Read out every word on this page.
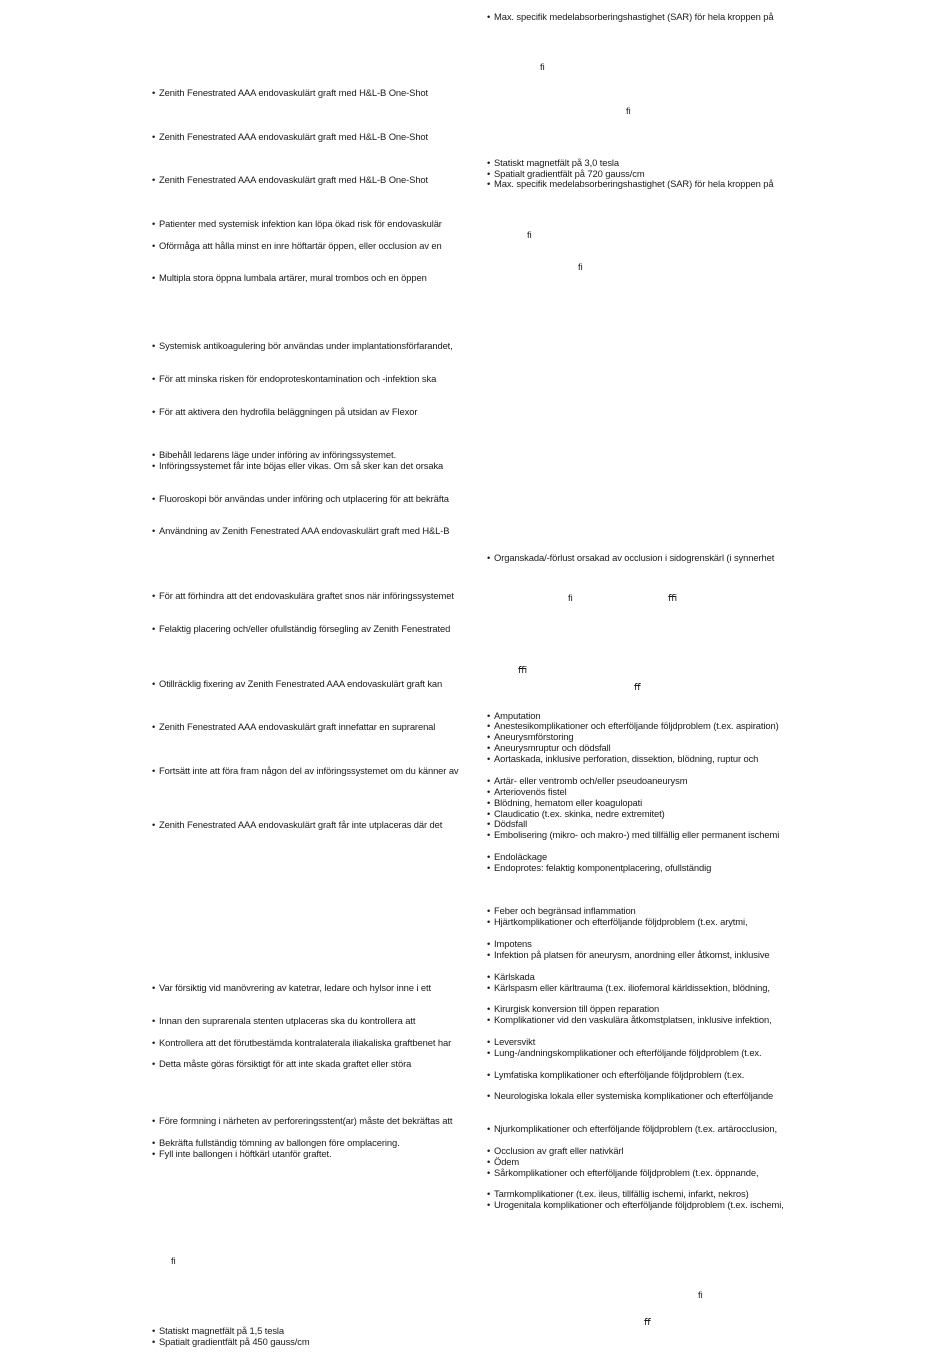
• Zenith Fenestrated AAA endovaskulärt graft med H&L-B One-Shot
• Zenith Fenestrated AAA endovaskulärt graft med H&L-B One-Shot
• Zenith Fenestrated AAA endovaskulärt graft med H&L-B One-Shot
• Patienter med systemisk infektion kan löpa ökad risk för endovaskulär
• Oförmåga att hålla minst en inre höftartär öppen, eller occlusion av en
• Multipla stora öppna lumbala artärer, mural trombos och en öppen
• Systemisk antikoagulering bör användas under implantationsförfarandet,
• För att minska risken för endoproteskontamination och -infektion ska
• För att aktivera den hydrofila beläggningen på utsidan av Flexor
• Bibehåll ledarens läge under införing av införingssystemet.
• Införingssystemet får inte böjas eller vikas. Om så sker kan det orsaka
• Fluoroskopi bör användas under införing och utplacering för att bekräfta
• Användning av Zenith Fenestrated AAA endovaskulärt graft med H&L-B
• För att förhindra att det endovaskulära graftet snos när införingssystemet
• Felaktig placering och/eller ofullständig försegling av Zenith Fenestrated
• Otillräcklig fixering av Zenith Fenestrated AAA endovaskulärt graft kan
• Zenith Fenestrated AAA endovaskulärt graft innefattar en suprarenal
• Fortsätt inte att föra fram någon del av införingssystemet om du känner av
• Zenith Fenestrated AAA endovaskulärt graft får inte utplaceras där det
• Var försiktig vid manövrering av katetrar, ledare och hylsor inne i ett
• Innan den suprarenala stenten utplaceras ska du kontrollera att
• Kontrollera att det förutbestämda kontralaterala iliakaliska graftbenet har
• Detta måste göras försiktigt för att inte skada graftet eller störa
• Före formning i närheten av perforeringsstent(ar) måste det bekräftas att
• Bekräfta fullständig tömning av ballongen före omplacering.
• Fyll inte ballongen i höftkärl utanför graftet.
• Statiskt magnetfält på 1,5 tesla
• Spatialt gradientfält på 450 gauss/cm
• Max. specifik medelabsorberingshastighet (SAR) för hela kroppen på
• Statiskt magnetfält på 3,0 tesla
• Spatialt gradientfält på 720 gauss/cm
• Max. specifik medelabsorberingshastighet (SAR) för hela kroppen på
• Organskada/-förlust orsakad av occlusion i sidogrenskärl (i synnerhet
• Amputation
• Anestesikomplikationer och efterföljande följdproblem (t.ex. aspiration)
• Aneurysmförstoring
• Aneurysmruptur och dödsfall
• Aortaskada, inklusive perforation, dissektion, blödning, ruptur och
• Artär- eller ventromb och/eller pseudoaneurysm
• Arteriovenös fistel
• Blödning, hematom eller koagulopati
• Claudicatio (t.ex. skinka, nedre extremitet)
• Dödsfall
• Embolisering (mikro- och makro-) med tillfällig eller permanent ischemi
• Endoläckage
• Endoprotes: felaktig komponentplacering, ofullständig
• Feber och begränsad inflammation
• Hjärtkomplikationer och efterföljande följdproblem (t.ex. arytmi,
• Impotens
• Infektion på platsen för aneurysm, anordning eller åtkomst, inklusive
• Kärlskada
• Kärlspasm eller kärltrauma (t.ex. iliofemoral kärldissektion, blödning,
• Kirurgisk konversion till öppen reparation
• Komplikationer vid den vaskulära åtkomstplatsen, inklusive infektion,
• Leversvikt
• Lung-/andningskomplikationer och efterföljande följdproblem (t.ex.
• Lymfatiska komplikationer och efterföljande följdproblem (t.ex.
• Neurologiska lokala eller systemiska komplikationer och efterföljande
• Njurkomplikationer och efterföljande följdproblem (t.ex. artärocclusion,
• Occlusion av graft eller nativkärl
• Ödem
• Sårkomplikationer och efterföljande följdproblem (t.ex. öppnande,
• Tarmkomplikationer (t.ex. ileus, tillfällig ischemi, infarkt, nekros)
• Urogenitala komplikationer och efterföljande följdproblem (t.ex. ischemi,
ﬁ
ﬁ
ﬁ
ﬁ
ﬁ	ﬃ
ﬃ
ﬀ
ﬁ
ﬁ
ﬀ
